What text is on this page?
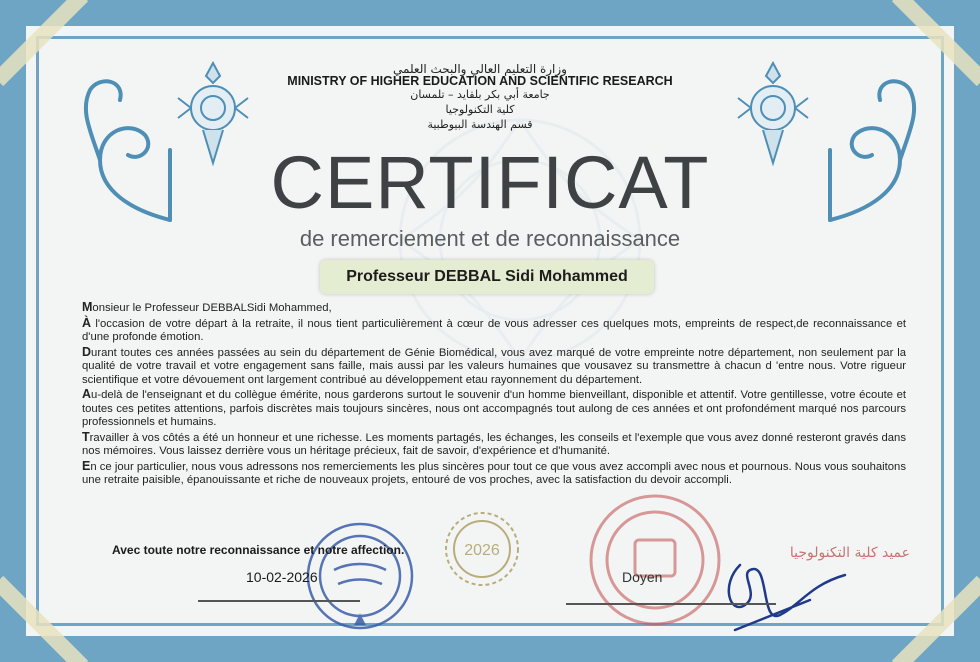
وزارة التعليم العالي والبحث العلمي
MINISTRY OF HIGHER EDUCATION AND SCIENTIFIC RESEARCH
جامعة أبي بكر بلقايد – تلمسان
كلية التكنولوجيا
قسم الهندسة البيوطبية
CERTIFICAT
de remerciement et de reconnaissance
Professeur DEBBAL Sidi Mohammed

Monsieur le Professeur DEBBALSidi Mohammed,

À l'occasion de votre départ à la retraite, il nous tient particulièrement à cœur de vous adresser ces quelques mots, empreints de respect,de reconnaissance et d'une profonde émotion.

Durant toutes ces années passées au sein du département de Génie Biomédical, vous avez marqué de votre empreinte notre département, non seulement par la qualité de votre travail et votre engagement sans faille, mais aussi par les valeurs humaines que vousavez su transmettre à chacun d 'entre nous. Votre rigueur scientifique et votre dévouement ont largement contribué au développement etau rayonnement du département.

Au-delà de l'enseignant et du collègue émérite, nous garderons surtout le souvenir d'un homme bienveillant, disponible et attentif. Votre gentillesse, votre écoute et toutes ces petites attentions, parfois discrètes mais toujours sincères, nous ont accompagnés tout aulong de ces années et ont profondément marqué nos parcours professionnels et humains.

Travailler à vos côtés a été un honneur et une richesse. Les moments partagés, les échanges, les conseils et l'exemple que vous avez donné resteront gravés dans nos mémoires. Vous laissez derrière vous un héritage précieux, fait de savoir, d'expérience et d'humanité.

En ce jour particulier, nous vous adressons nos remerciements les plus sincères pour tout ce que vous avez accompli avec nous et pournous. Nous vous souhaitons une retraite paisible, épanouissante et riche de nouveaux projets, entouré de vos proches, avec la satisfaction du devoir accompli.

2026	عميد كلية التكنولوجيا
Avec toute notre reconnaissance et notre affection.
10-02-2026	Doyen
